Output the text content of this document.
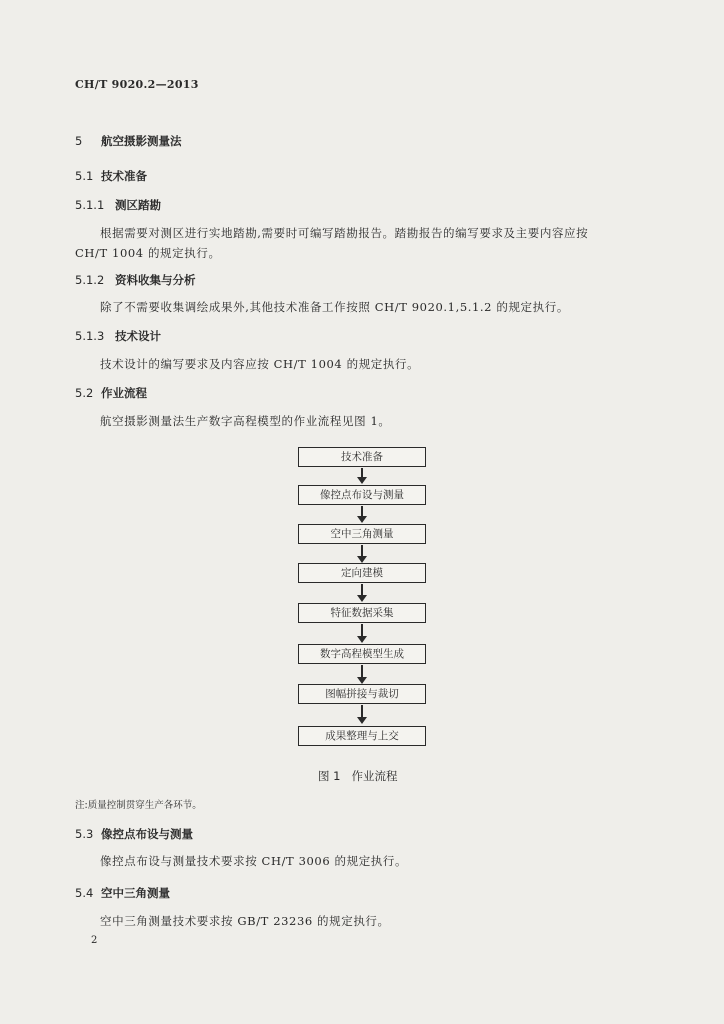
CH/T 9020.2—2013
5 航空摄影测量法
5.1 技术准备
5.1.1 测区踏勘
根据需要对测区进行实地踏勘,需要时可编写踏勘报告。踏勘报告的编写要求及主要内容应按
CH/T 1004 的规定执行。
5.1.2 资料收集与分析
除了不需要收集调绘成果外,其他技术准备工作按照 CH/T 9020.1,5.1.2 的规定执行。
5.1.3 技术设计
技术设计的编写要求及内容应按 CH/T 1004 的规定执行。
5.2 作业流程
航空摄影测量法生产数字高程模型的作业流程见图 1。
技术准备
像控点布设与测量
空中三角测量
定向建模
特征数据采集
数字高程模型生成
图幅拼接与裁切
成果整理与上交
图 1   作业流程
注:质量控制贯穿生产各环节。
5.3 像控点布设与测量
像控点布设与测量技术要求按 CH/T 3006 的规定执行。
5.4 空中三角测量
空中三角测量技术要求按 GB/T 23236 的规定执行。
2
